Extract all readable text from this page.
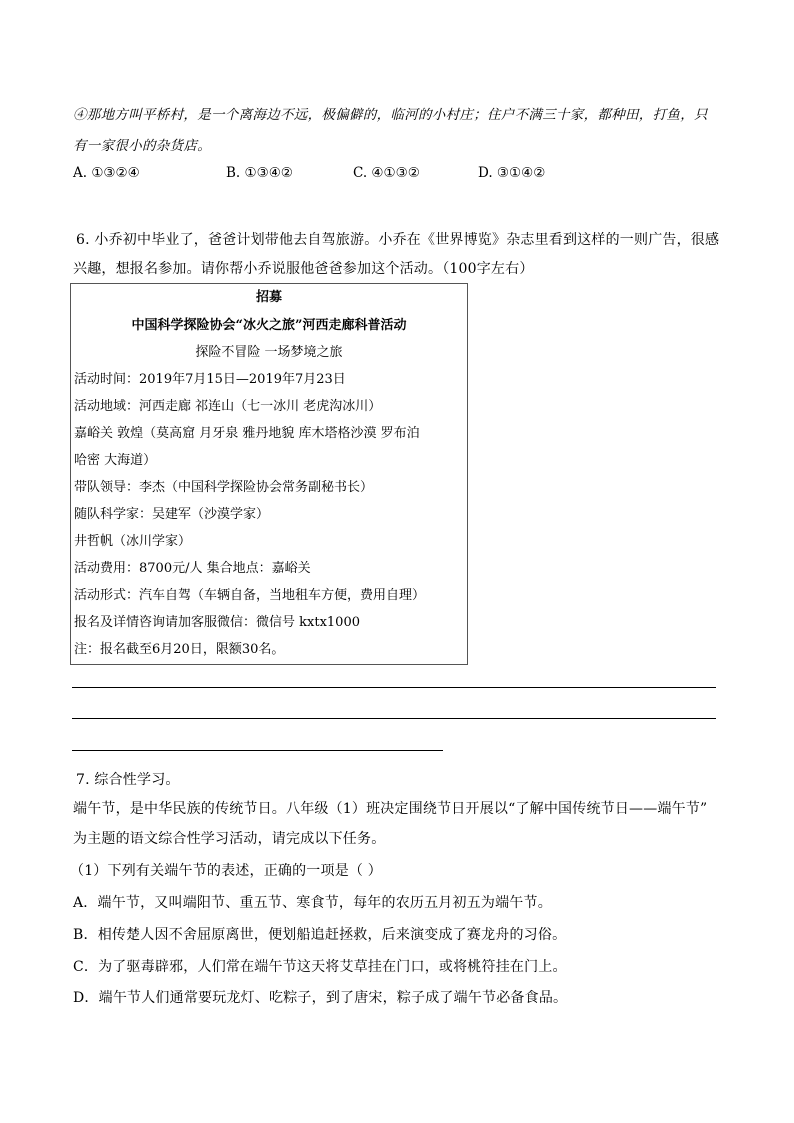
④那地方叫平桥村，是一个离海边不远，极偏僻的，临河的小村庄；住户不满三十家，都种田，打鱼，只
有一家很小的杂货店。
A. ①③②④	B. ①③④②	C. ④①③②	D. ③①④②
6. 小乔初中毕业了，爸爸计划带他去自驾旅游。小乔在《世界博览》杂志里看到这样的一则广告，很感
兴趣，想报名参加。请你帮小乔说服他爸爸参加这个活动。（100字左右）
招募
中国科学探险协会“冰火之旅”河西走廊科普活动
探险不冒险 一场梦境之旅
活动时间：2019年7月15日—2019年7月23日
活动地域：河西走廊 祁连山（七一冰川 老虎沟冰川）
嘉峪关 敦煌（莫高窟 月牙泉 雅丹地貌 库木塔格沙漠 罗布泊
哈密 大海道）
带队领导：李杰（中国科学探险协会常务副秘书长）
随队科学家：吴建军（沙漠学家）
井哲帆（冰川学家）
活动费用：8700元/人 集合地点：嘉峪关
活动形式：汽车自驾（车辆自备，当地租车方便，费用自理）
报名及详情咨询请加客服微信：微信号 kxtx1000
注：报名截至6月20日，限额30名。
7. 综合性学习。
端午节，是中华民族的传统节日。八年级（1）班决定围绕节日开展以“了解中国传统节日——端午节”
为主题的语文综合性学习活动，请完成以下任务。
（1）下列有关端午节的表述，正确的一项是（ ）
A．端午节，又叫端阳节、重五节、寒食节，每年的农历五月初五为端午节。
B．相传楚人因不舍屈原离世，便划船追赶拯救，后来演变成了赛龙舟的习俗。
C．为了驱毒辟邪，人们常在端午节这天将艾草挂在门口，或将桃符挂在门上。
D．端午节人们通常要玩龙灯、吃粽子，到了唐宋，粽子成了端午节必备食品。
